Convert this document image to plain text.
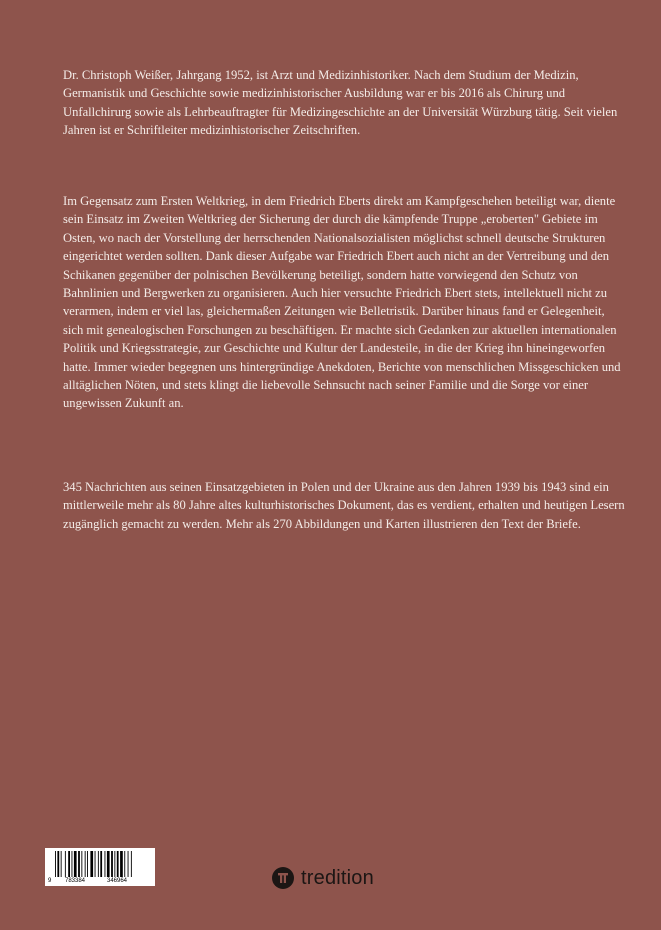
Dr. Christoph Weißer, Jahrgang 1952, ist Arzt und Medizinhistoriker. Nach dem Studium der Medizin, Germanistik und Geschichte sowie medizinhistorischer Ausbildung war er bis 2016 als Chirurg und Unfallchirurg sowie als Lehrbeauftragter für Medizingeschichte an der Universität Würzburg tätig. Seit vielen Jahren ist er Schriftleiter medizinhistorischer Zeitschriften.

Im Gegensatz zum Ersten Weltkrieg, in dem Friedrich Eberts direkt am Kampfgeschehen beteiligt war, diente sein Einsatz im Zweiten Weltkrieg der Sicherung der durch die kämpfende Truppe „eroberten" Gebiete im Osten, wo nach der Vorstellung der herrschenden Nationalsozialisten möglichst schnell deutsche Strukturen eingerichtet werden sollten. Dank dieser Aufgabe war Friedrich Ebert auch nicht an der Vertreibung und den Schikanen gegenüber der polnischen Bevölkerung beteiligt, sondern hatte vorwiegend den Schutz von Bahnlinien und Bergwerken zu organisieren. Auch hier versuchte Friedrich Ebert stets, intellektuell nicht zu verarmen, indem er viel las, gleichermaßen Zeitungen wie Belletristik. Darüber hinaus fand er Gelegenheit, sich mit genealogischen Forschungen zu beschäftigen. Er machte sich Gedanken zur aktuellen internationalen Politik und Kriegsstrategie, zur Geschichte und Kultur der Landesteile, in die der Krieg ihn hineingeworfen hatte. Immer wieder begegnen uns hintergründige Anekdoten, Berichte von menschlichen Missgeschicken und alltäglichen Nöten, und stets klingt die liebevolle Sehnsucht nach seiner Familie und die Sorge vor einer ungewissen Zukunft an.

345 Nachrichten aus seinen Einsatzgebieten in Polen und der Ukraine aus den Jahren 1939 bis 1943 sind ein mittlerweile mehr als 80 Jahre altes kulturhistorisches Dokument, das es verdient, erhalten und heutigen Lesern zugänglich gemacht zu werden. Mehr als 270 Abbildungen und Karten illustrieren den Text der Briefe.

9 783384	346964	tredition
